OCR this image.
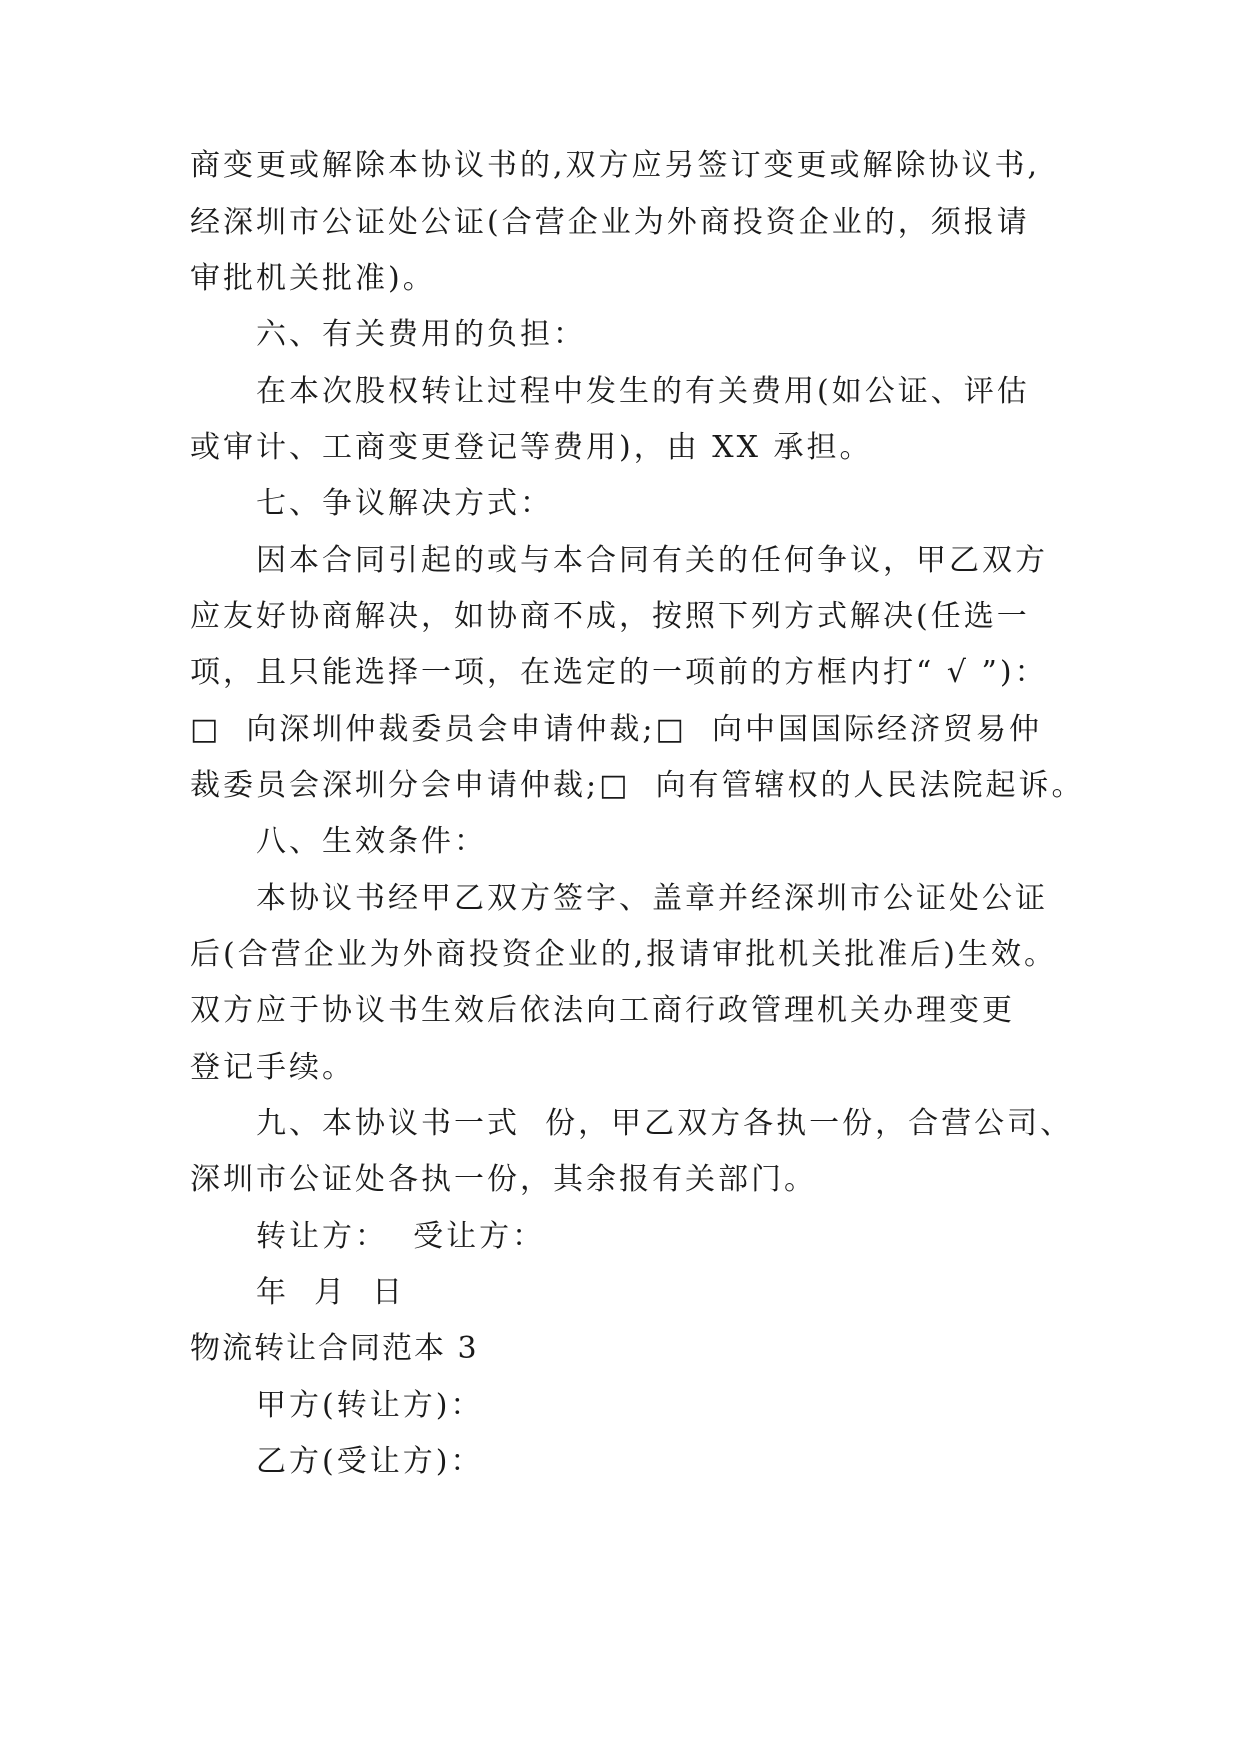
商变更或解除本协议书的,双方应另签订变更或解除协议书,

经深圳市公证处公证(合营企业为外商投资企业的，须报请

审批机关批准)。

六、有关费用的负担：

在本次股权转让过程中发生的有关费用(如公证、评估

或审计、工商变更登记等费用)，由 XX 承担。

七、争议解决方式：

因本合同引起的或与本合同有关的任何争议，甲乙双方

应友好协商解决，如协商不成，按照下列方式解决(任选一

项，且只能选择一项，在选定的一项前的方框内打“ √ ”)：

□  向深圳仲裁委员会申请仲裁;□  向中国国际经济贸易仲

裁委员会深圳分会申请仲裁;□  向有管辖权的人民法院起诉。

八、生效条件：

本协议书经甲乙双方签字、盖章并经深圳市公证处公证

后(合营企业为外商投资企业的,报请审批机关批准后)生效。

双方应于协议书生效后依法向工商行政管理机关办理变更

登记手续。

九、本协议书一式  份，甲乙双方各执一份，合营公司、

深圳市公证处各执一份，其余报有关部门。

转让方：  受让方：

年  月  日

物流转让合同范本 3

甲方(转让方)：

乙方(受让方)：
